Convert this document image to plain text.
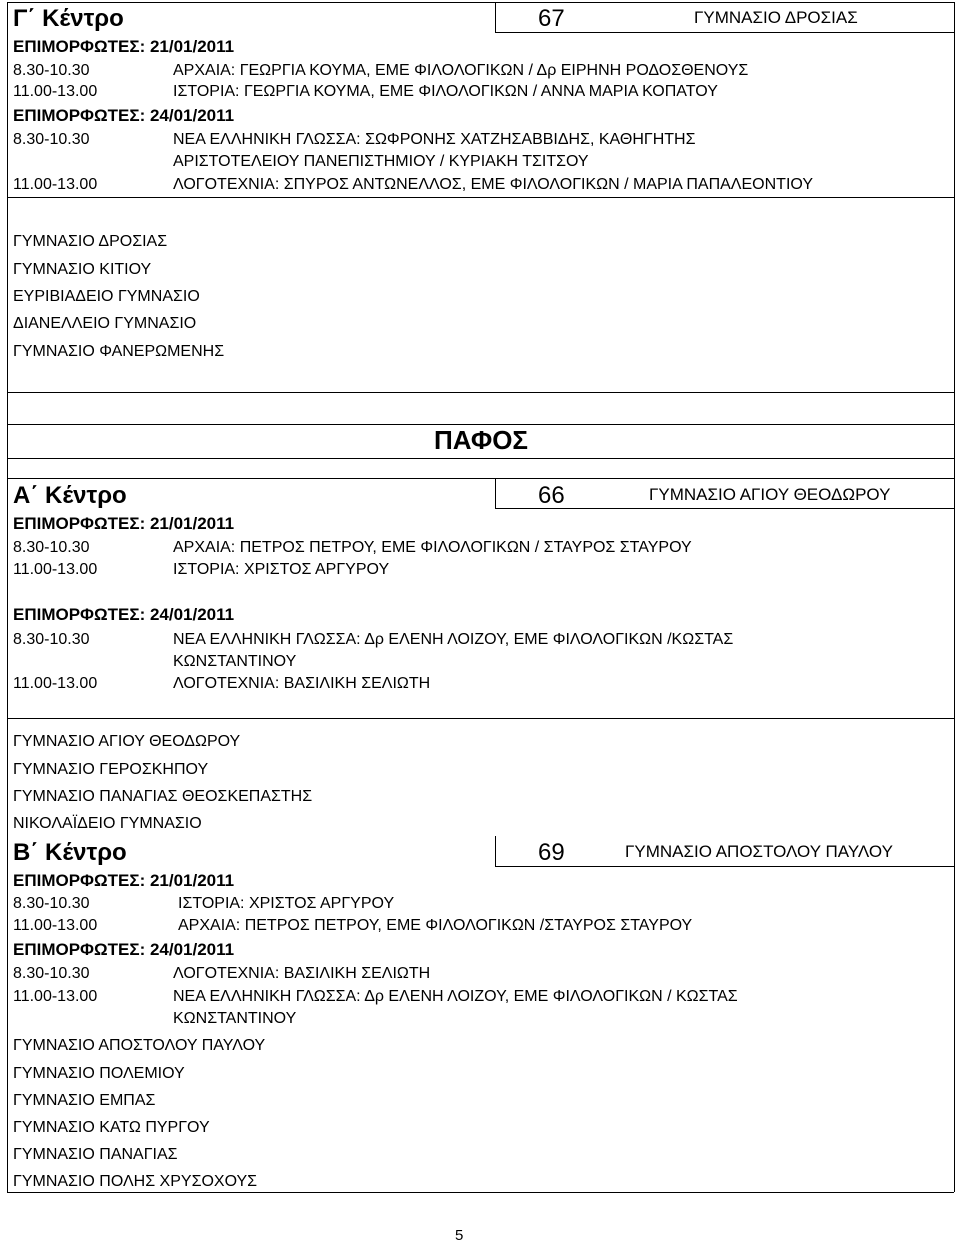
Γ΄ Κέντρο	67	ΓΥΜΝΑΣΙΟ ΔΡΟΣΙΑΣ
ΕΠΙΜΟΡΦΩΤΕΣ: 21/01/2011
8.30-10.30	ΑΡΧΑΙΑ: ΓΕΩΡΓΙΑ ΚΟΥΜΑ, ΕΜΕ ΦΙΛΟΛΟΓΙΚΩΝ / Δρ ΕΙΡΗΝΗ ΡΟΔΟΣΘΕΝΟΥΣ
11.00-13.00	ΙΣΤΟΡΙΑ: ΓΕΩΡΓΙΑ ΚΟΥΜΑ, ΕΜΕ ΦΙΛΟΛΟΓΙΚΩΝ / ΑΝΝΑ ΜΑΡΙΑ ΚΟΠΑΤΟΥ
ΕΠΙΜΟΡΦΩΤΕΣ: 24/01/2011
8.30-10.30	ΝΕΑ ΕΛΛΗΝΙΚΗ ΓΛΩΣΣΑ: ΣΩΦΡΟΝΗΣ ΧΑΤΖΗΣΑΒΒΙΔΗΣ, ΚΑΘΗΓΗΤΗΣ
ΑΡΙΣΤΟΤΕΛΕΙΟΥ ΠΑΝΕΠΙΣΤΗΜΙΟΥ / ΚΥΡΙΑΚΗ ΤΣΙΤΣΟΥ
11.00-13.00	ΛΟΓΟΤΕΧΝΙΑ: ΣΠΥΡΟΣ ΑΝΤΩΝΕΛΛΟΣ, ΕΜΕ ΦΙΛΟΛΟΓΙΚΩΝ / ΜΑΡΙΑ ΠΑΠΑΛΕΟΝΤΙΟΥ
ΓΥΜΝΑΣΙΟ ΔΡΟΣΙΑΣ
ΓΥΜΝΑΣΙΟ ΚΙΤΙΟΥ
ΕΥΡΙΒΙΑΔΕΙΟ ΓΥΜΝΑΣΙΟ
ΔΙΑΝΕΛΛΕΙΟ ΓΥΜΝΑΣΙΟ
ΓΥΜΝΑΣΙΟ ΦΑΝΕΡΩΜΕΝΗΣ
ΠΑΦΟΣ
Α΄ Κέντρο	66	ΓΥΜΝΑΣΙΟ ΑΓΙΟΥ ΘΕΟΔΩΡΟΥ
ΕΠΙΜΟΡΦΩΤΕΣ: 21/01/2011
8.30-10.30	ΑΡΧΑΙΑ: ΠΕΤΡΟΣ ΠΕΤΡΟΥ, ΕΜΕ ΦΙΛΟΛΟΓΙΚΩΝ / ΣΤΑΥΡΟΣ ΣΤΑΥΡΟΥ
11.00-13.00	ΙΣΤΟΡΙΑ: ΧΡΙΣΤΟΣ ΑΡΓΥΡΟΥ
ΕΠΙΜΟΡΦΩΤΕΣ: 24/01/2011
8.30-10.30	ΝΕΑ ΕΛΛΗΝΙΚΗ ΓΛΩΣΣΑ: Δρ ΕΛΕΝΗ ΛΟΙΖΟΥ, ΕΜΕ ΦΙΛΟΛΟΓΙΚΩΝ /ΚΩΣΤΑΣ
ΚΩΝΣΤΑΝΤΙΝΟΥ
11.00-13.00	ΛΟΓΟΤΕΧΝΙΑ: ΒΑΣΙΛΙΚΗ ΣΕΛΙΩΤΗ
ΓΥΜΝΑΣΙΟ ΑΓΙΟΥ ΘΕΟΔΩΡΟΥ
ΓΥΜΝΑΣΙΟ ΓΕΡΟΣΚΗΠΟΥ
ΓΥΜΝΑΣΙΟ ΠΑΝΑΓΙΑΣ ΘΕΟΣΚΕΠΑΣΤΗΣ
ΝΙΚΟΛΑΪΔΕΙΟ ΓΥΜΝΑΣΙΟ
Β΄ Κέντρο	69	ΓΥΜΝΑΣΙΟ ΑΠΟΣΤΟΛΟΥ ΠΑΥΛΟΥ
ΕΠΙΜΟΡΦΩΤΕΣ: 21/01/2011
8.30-10.30	ΙΣΤΟΡΙΑ: ΧΡΙΣΤΟΣ ΑΡΓΥΡΟΥ
11.00-13.00	ΑΡΧΑΙΑ: ΠΕΤΡΟΣ ΠΕΤΡΟΥ, ΕΜΕ ΦΙΛΟΛΟΓΙΚΩΝ /ΣΤΑΥΡΟΣ ΣΤΑΥΡΟΥ
ΕΠΙΜΟΡΦΩΤΕΣ: 24/01/2011
8.30-10.30	ΛΟΓΟΤΕΧΝΙΑ: ΒΑΣΙΛΙΚΗ ΣΕΛΙΩΤΗ
11.00-13.00	ΝΕΑ ΕΛΛΗΝΙΚΗ ΓΛΩΣΣΑ: Δρ ΕΛΕΝΗ ΛΟΙΖΟΥ, ΕΜΕ ΦΙΛΟΛΟΓΙΚΩΝ / ΚΩΣΤΑΣ
ΚΩΝΣΤΑΝΤΙΝΟΥ
ΓΥΜΝΑΣΙΟ ΑΠΟΣΤΟΛΟΥ ΠΑΥΛΟΥ
ΓΥΜΝΑΣΙΟ ΠΟΛΕΜΙΟΥ
ΓΥΜΝΑΣΙΟ ΕΜΠΑΣ
ΓΥΜΝΑΣΙΟ ΚΑΤΩ ΠΥΡΓΟΥ
ΓΥΜΝΑΣΙΟ ΠΑΝΑΓΙΑΣ
ΓΥΜΝΑΣΙΟ ΠΟΛΗΣ ΧΡΥΣΟΧΟΥΣ
5
